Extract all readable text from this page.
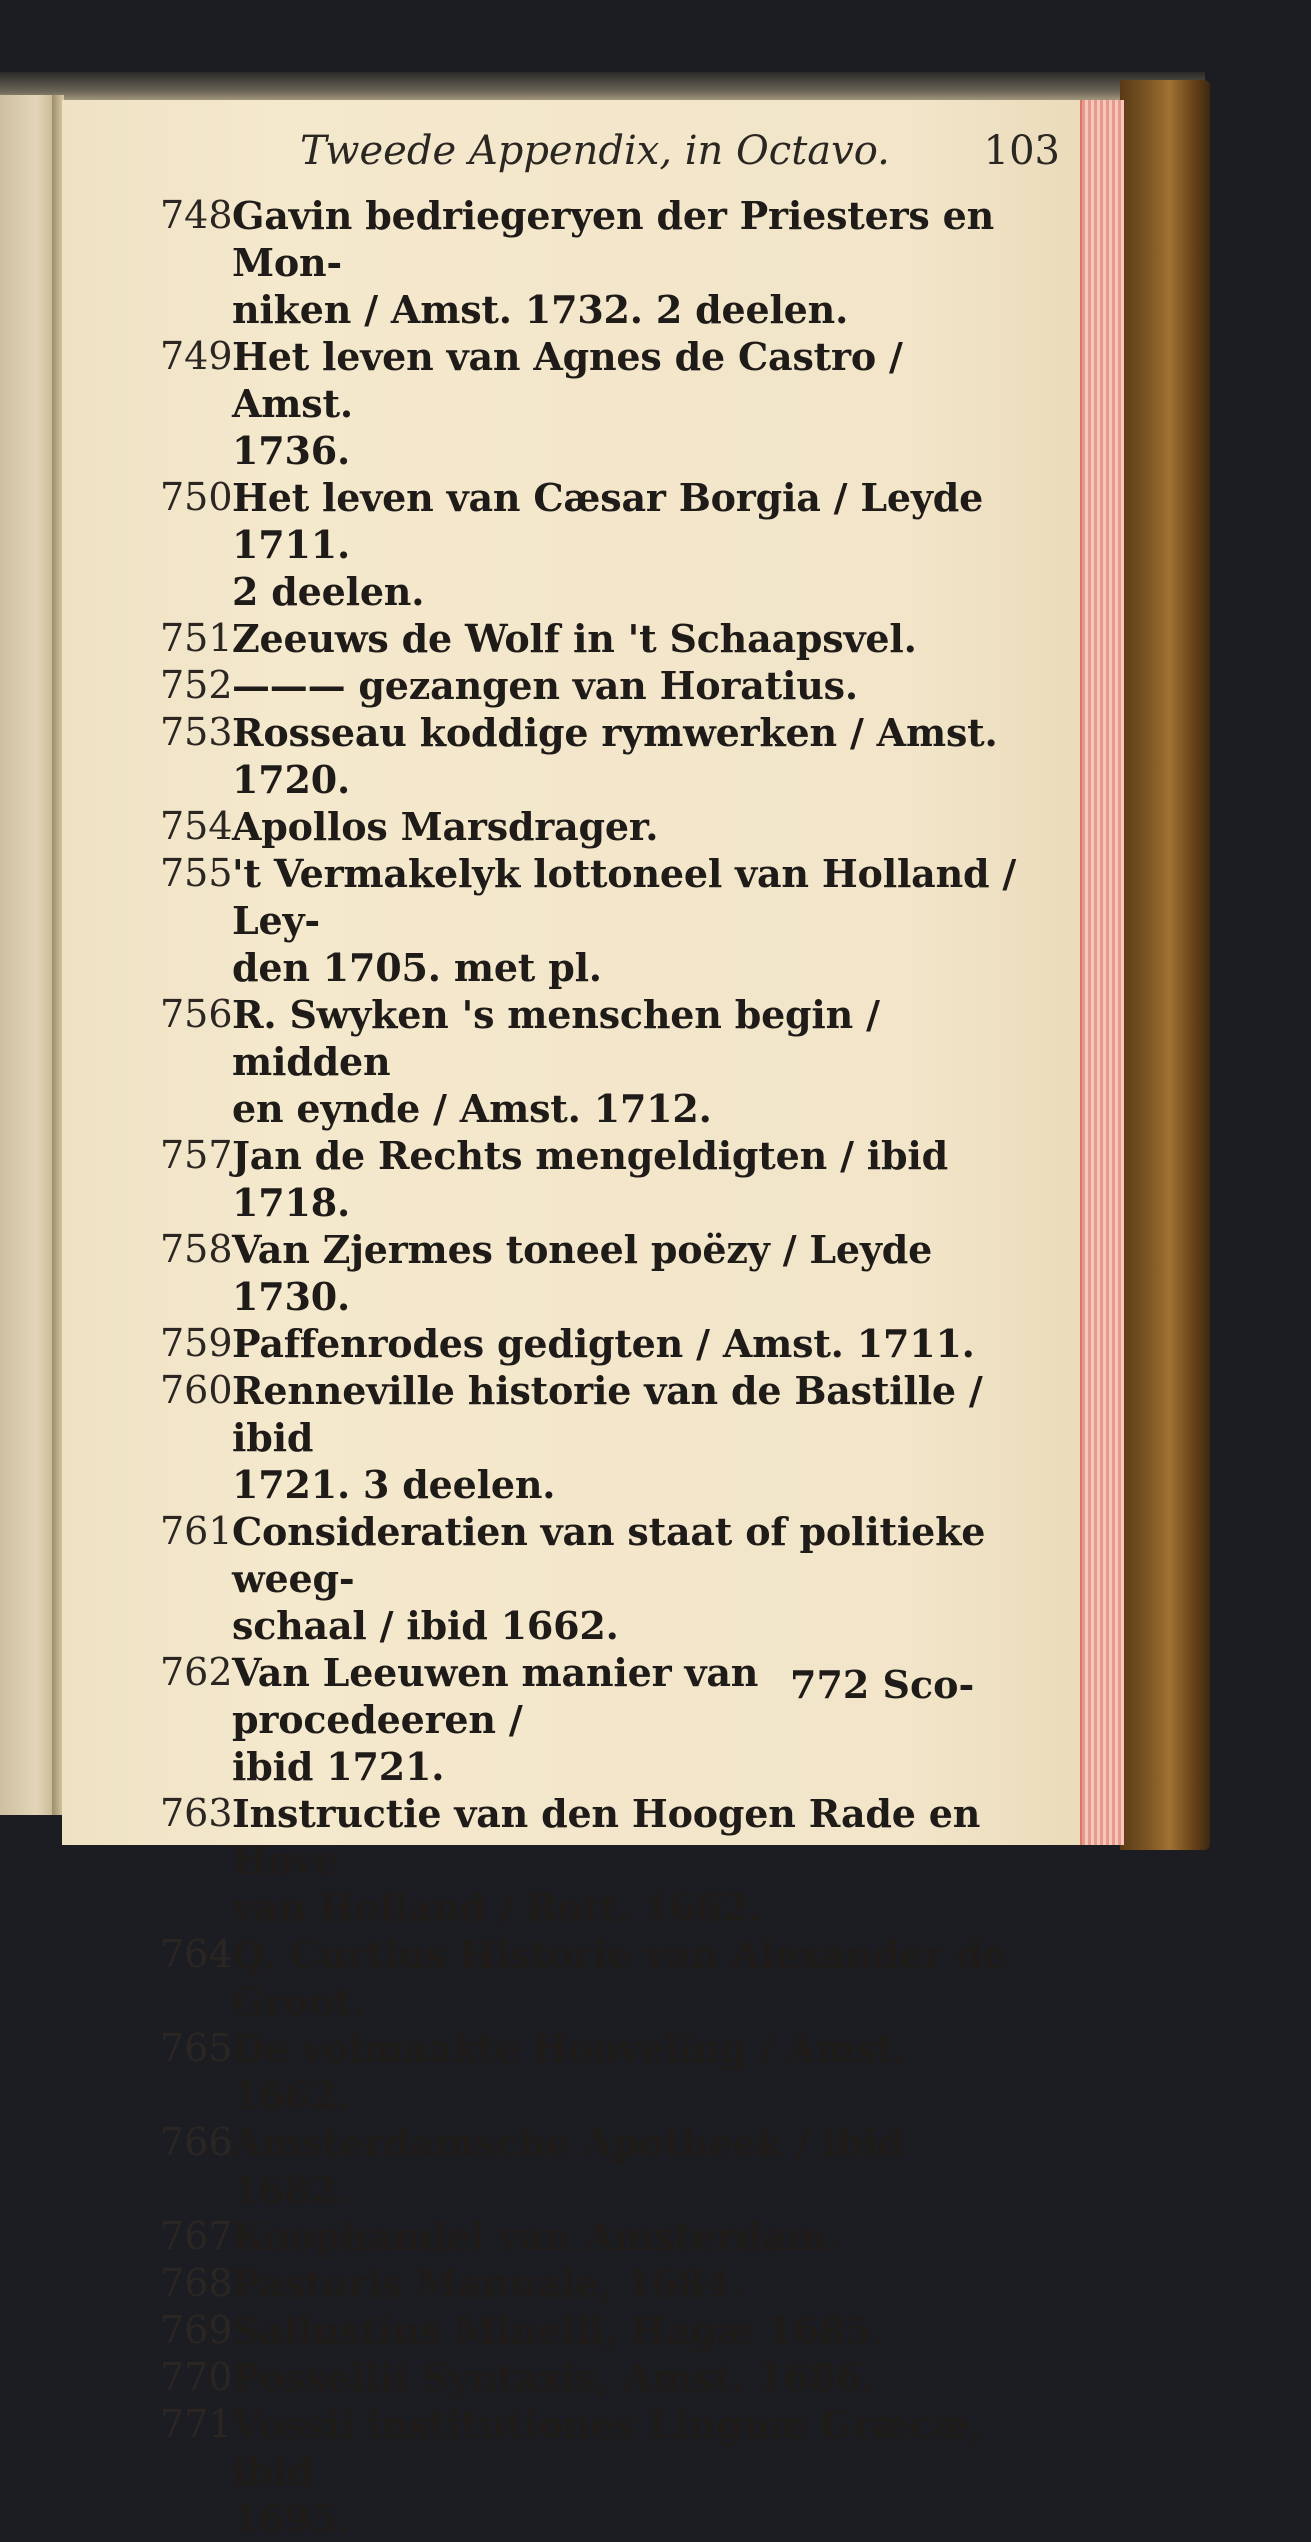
Tweede Appendix, in Octavo. 103
748 Gavin bedriegeryen der Priesters en Mon-
niken / Amst. 1732. 2 deelen.
749 Het leven van Agnes de Castro / Amst.
1736.
750 Het leven van Cæsar Borgia / Leyde 1711.
2 deelen.
751 Zeeuws de Wolf in 't Schaapsvel.
752 ——— gezangen van Horatius.
753 Rosseau koddige rymwerken / Amst. 1720.
754 Apollos Marsdrager.
755 't Vermakelyk lottoneel van Holland / Ley-
den 1705. met pl.
756 R. Swyken 's menschen begin / midden
en eynde / Amst. 1712.
757 Jan de Rechts mengeldigten / ibid 1718.
758 Van Zjermes toneel poëzy / Leyde 1730.
759 Paffenrodes gedigten / Amst. 1711.
760 Renneville historie van de Bastille / ibid
1721. 3 deelen.
761 Consideratien van staat of politieke weeg-
schaal / ibid 1662.
762 Van Leeuwen manier van procedeeren /
ibid 1721.
763 Instructie van den Hoogen Rade en Hove
van Holland / Rott. 1662.
764 Q. Curtius Historie van Alexander de
Groot.
765 De volmaakte Hoovelïng / Amst. 1662.
766 Amsterdamsche Apotheek / ibid 1682.
767 Koophandel van Amsterdam.
768 Pastoris Manuale, 1684.
769 Sallustius Minelli, Hagæ 1685.
770 Possellii Syntaxis, Amst. 1686.
771 Vossii institutiones Linguæ Græcæ, ibid
1695.
772 Sco-
